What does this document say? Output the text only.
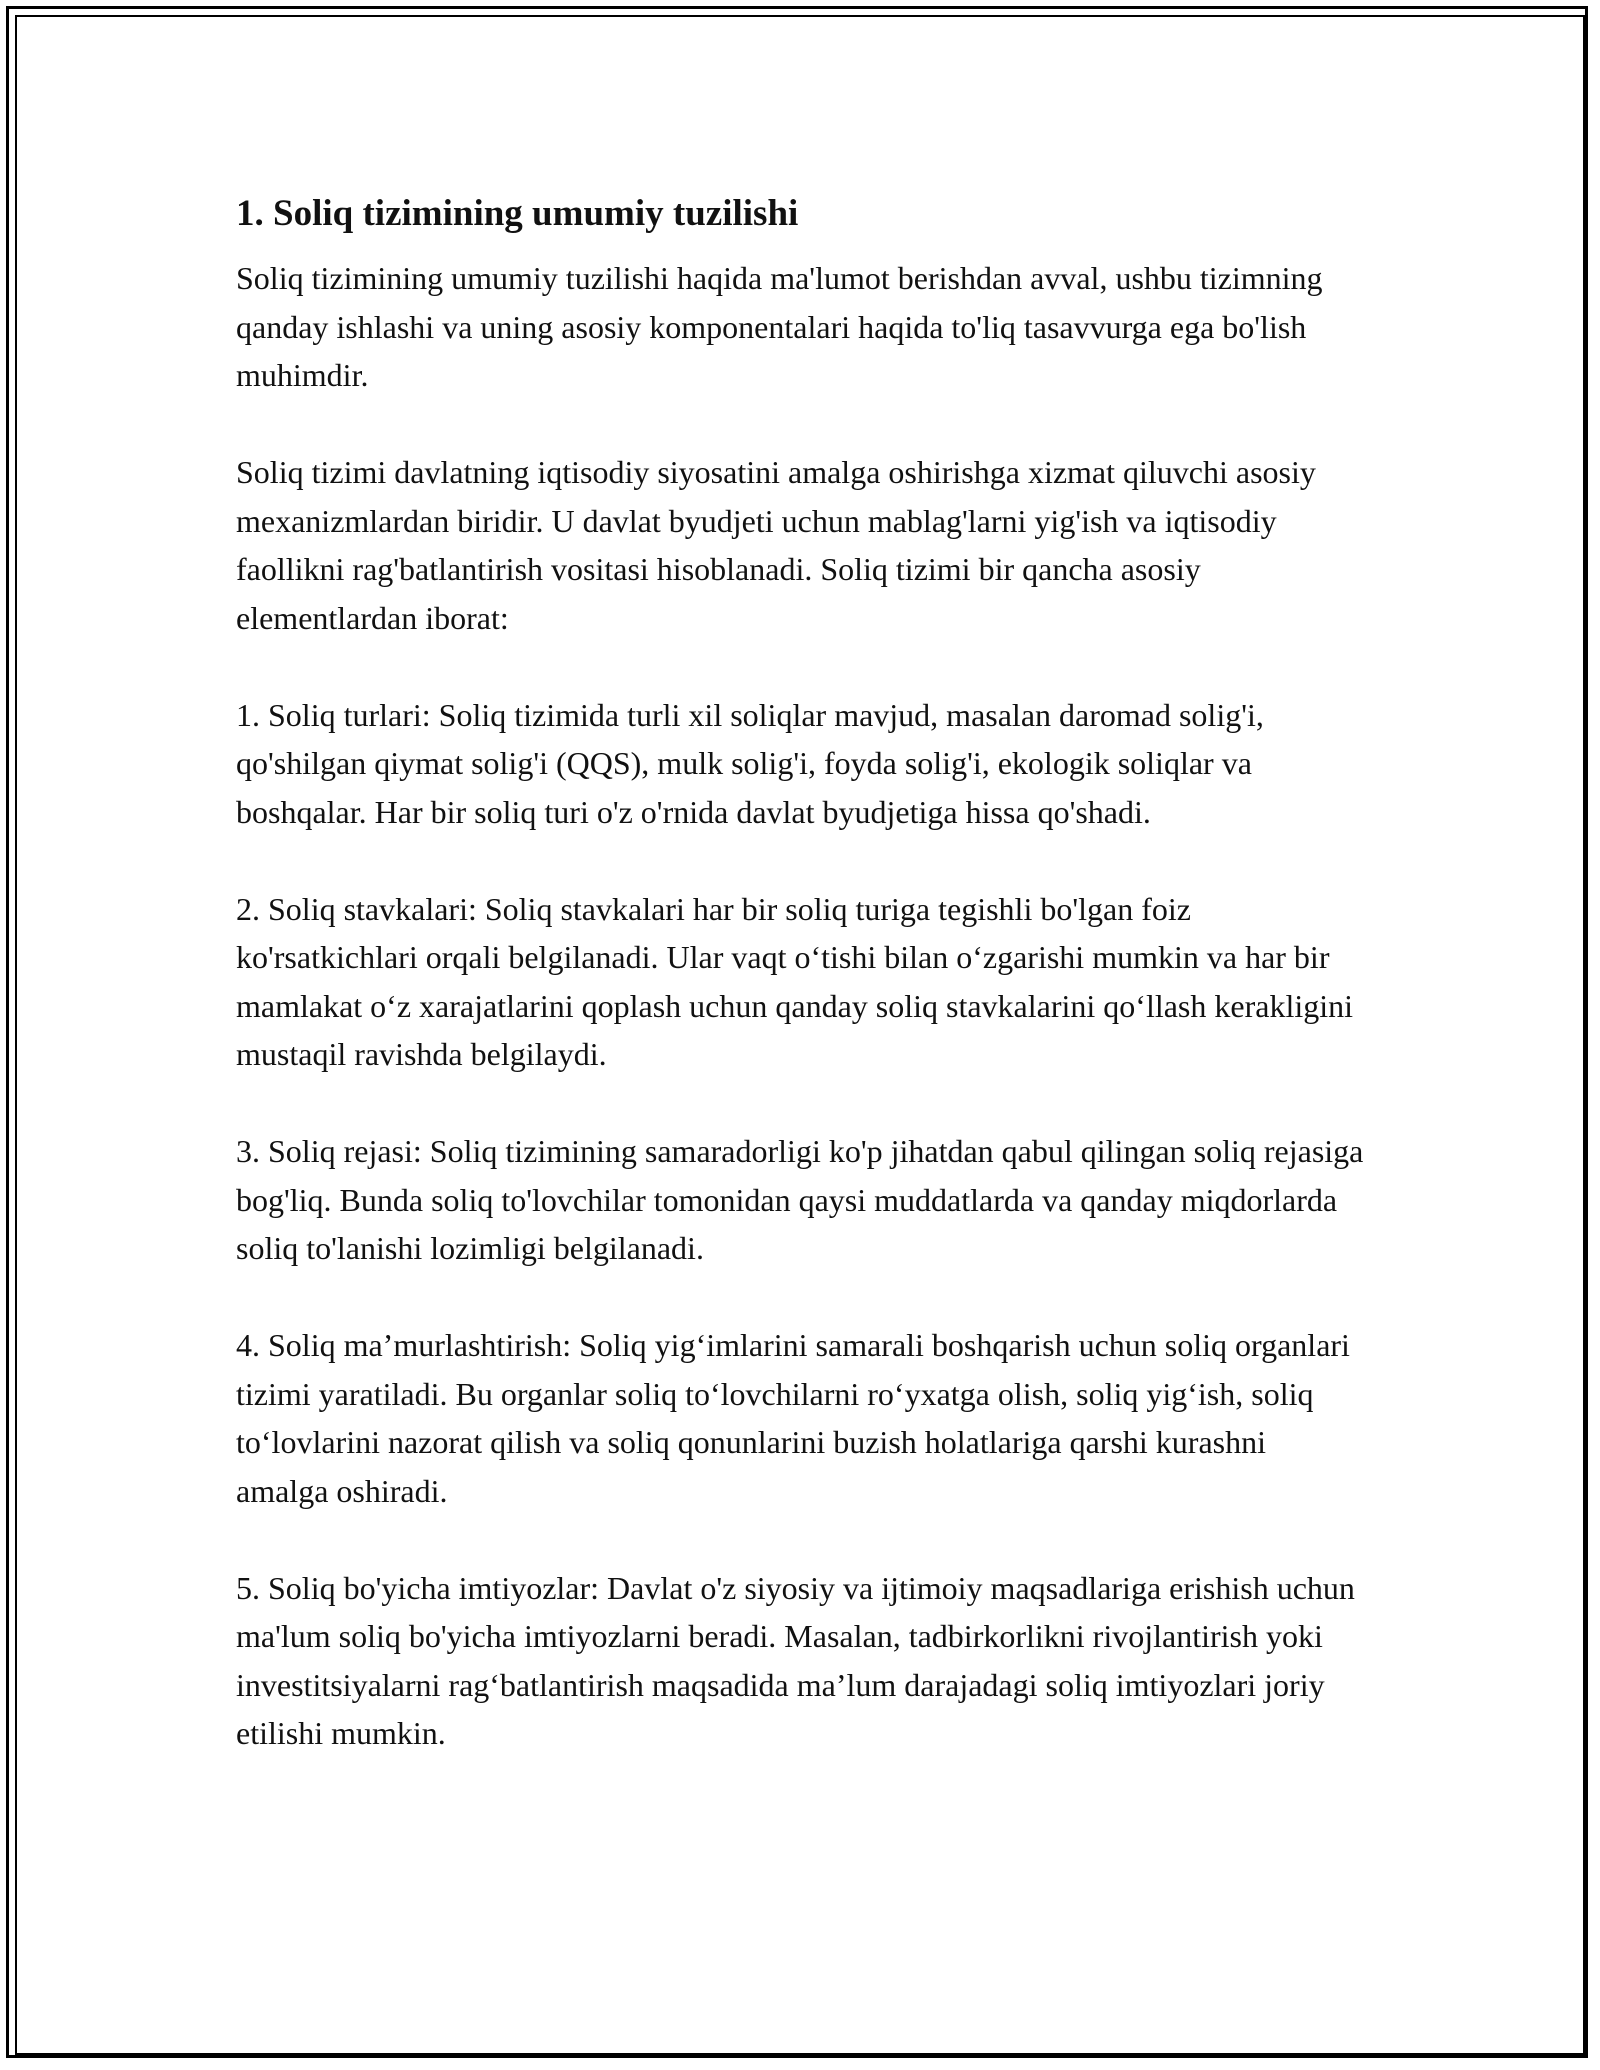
1. Soliq tizimining umumiy tuzilishi

Soliq tizimining umumiy tuzilishi haqida ma'lumot berishdan avval, ushbu tizimning qanday ishlashi va uning asosiy komponentalari haqida to'liq tasavvurga ega bo'lish muhimdir.

Soliq tizimi davlatning iqtisodiy siyosatini amalga oshirishga xizmat qiluvchi asosiy mexanizmlardan biridir. U davlat byudjeti uchun mablag'larni yig'ish va iqtisodiy faollikni rag'batlantirish vositasi hisoblanadi. Soliq tizimi bir qancha asosiy elementlardan iborat:

1. Soliq turlari: Soliq tizimida turli xil soliqlar mavjud, masalan daromad solig'i, qo'shilgan qiymat solig'i (QQS), mulk solig'i, foyda solig'i, ekologik soliqlar va boshqalar. Har bir soliq turi o'z o'rnida davlat byudjetiga hissa qo'shadi.

2. Soliq stavkalari: Soliq stavkalari har bir soliq turiga tegishli bo'lgan foiz ko'rsatkichlari orqali belgilanadi. Ular vaqt o‘tishi bilan o‘zgarishi mumkin va har bir mamlakat o‘z xarajatlarini qoplash uchun qanday soliq stavkalarini qo‘llash kerakligini mustaqil ravishda belgilaydi.

3. Soliq rejasi: Soliq tizimining samaradorligi ko'p jihatdan qabul qilingan soliq rejasiga bog'liq. Bunda soliq to'lovchilar tomonidan qaysi muddatlarda va qanday miqdorlarda soliq to'lanishi lozimligi belgilanadi.

4. Soliq ma’murlashtirish: Soliq yig‘imlarini samarali boshqarish uchun soliq organlari tizimi yaratiladi. Bu organlar soliq to‘lovchilarni ro‘yxatga olish, soliq yig‘ish, soliq to‘lovlarini nazorat qilish va soliq qonunlarini buzish holatlariga qarshi kurashni amalga oshiradi.

5. Soliq bo'yicha imtiyozlar: Davlat o'z siyosiy va ijtimoiy maqsadlariga erishish uchun ma'lum soliq bo'yicha imtiyozlarni beradi. Masalan, tadbirkorlikni rivojlantirish yoki investitsiyalarni rag‘batlantirish maqsadida ma’lum darajadagi soliq imtiyozlari joriy etilishi mumkin.
